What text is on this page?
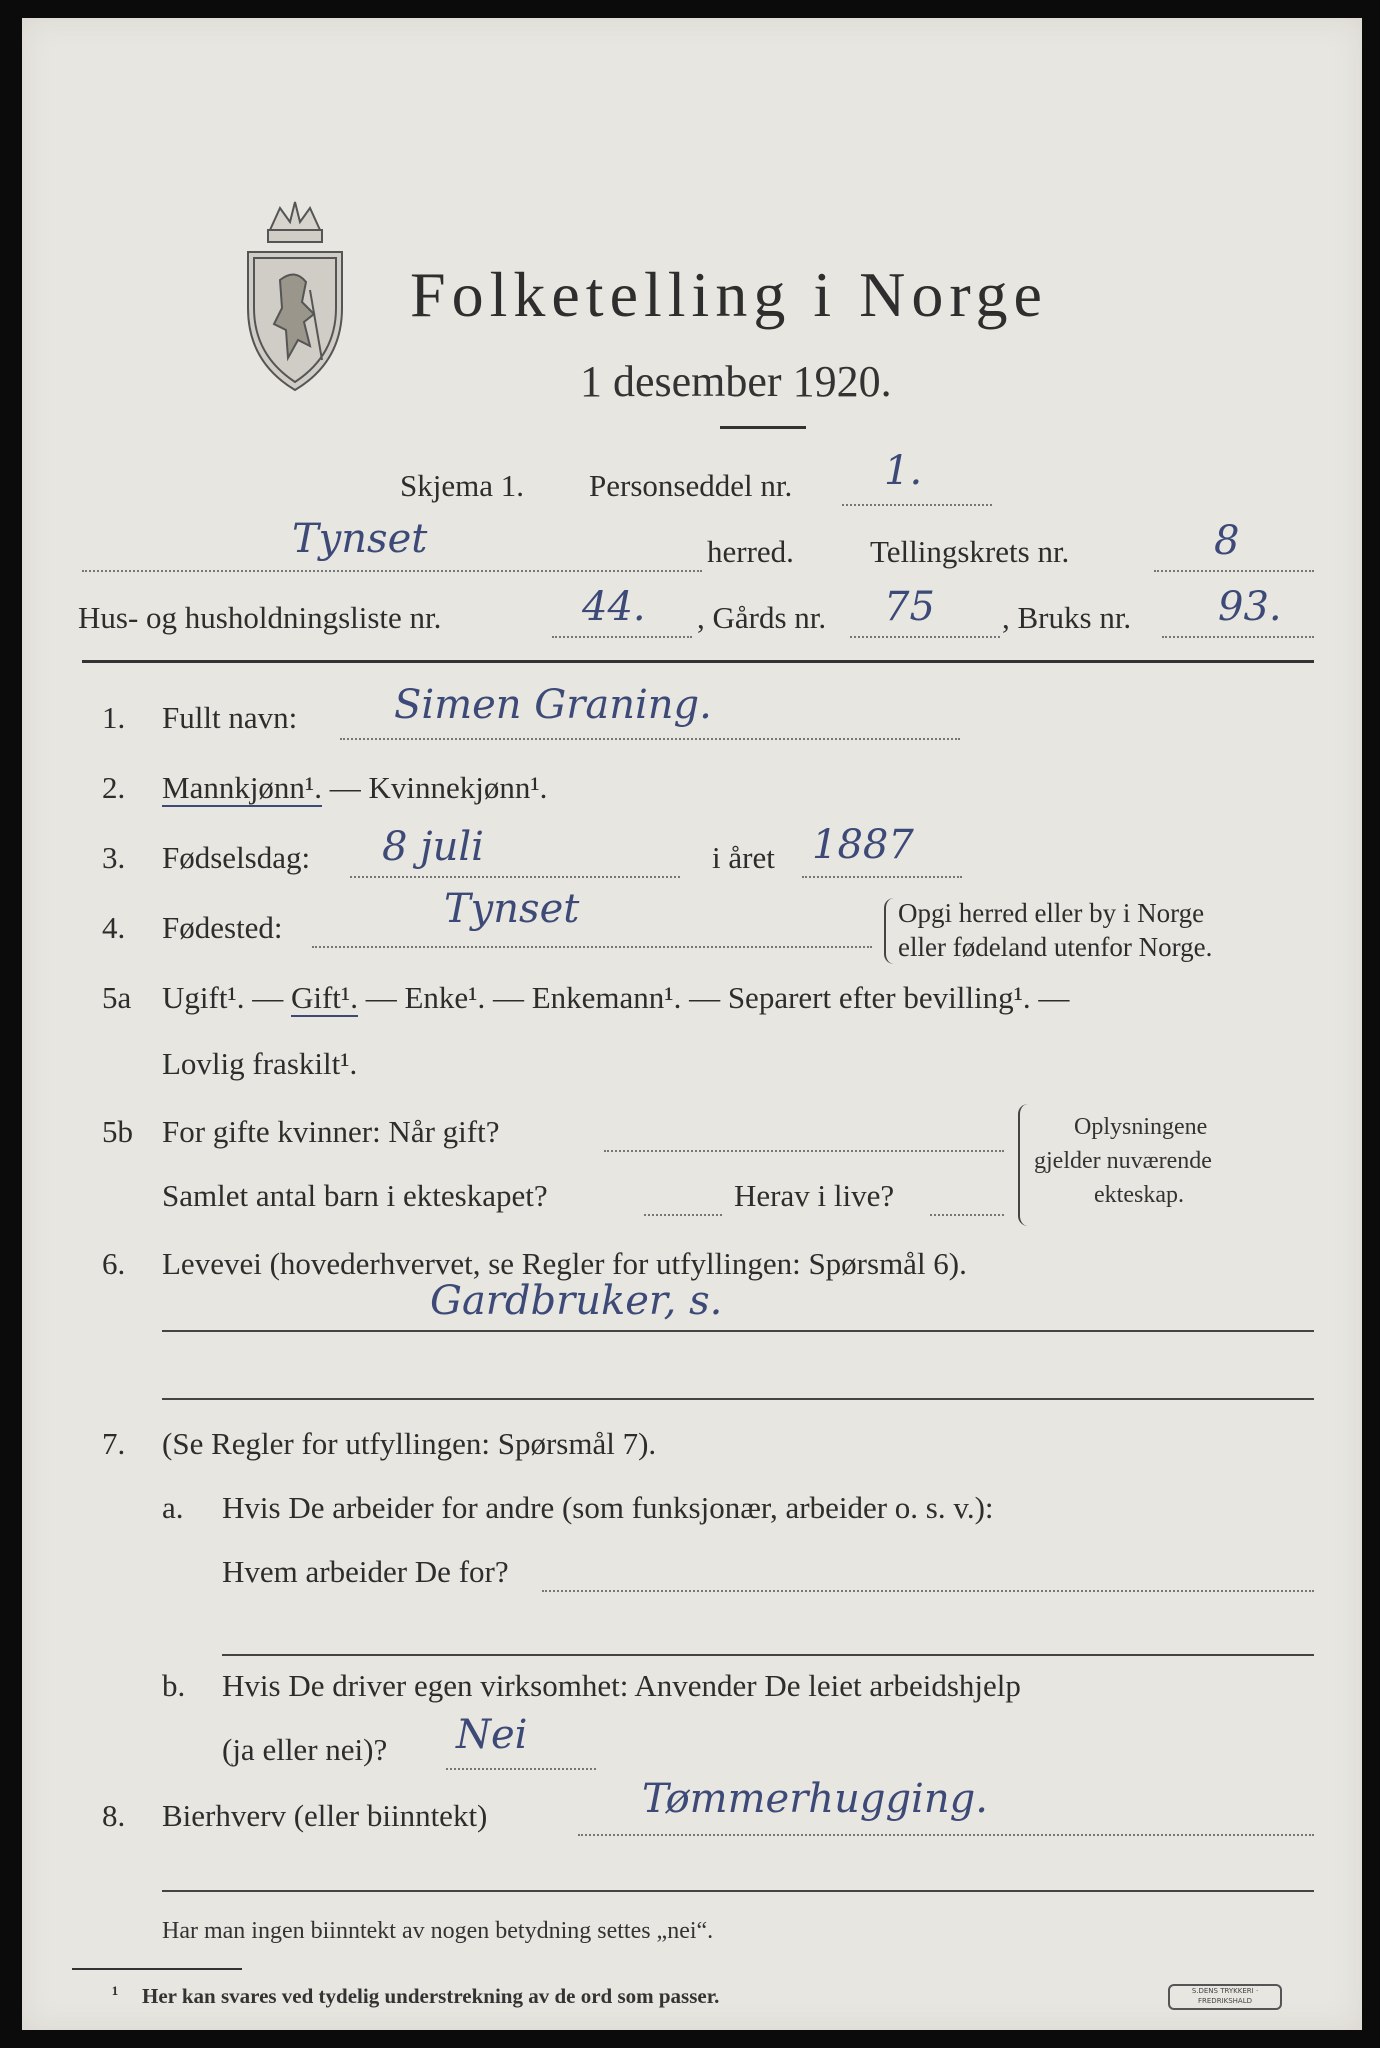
Folketelling i Norge
1 desember 1920.
Skjema 1. Personseddel nr. 1.
Tynset	herred. Tellingskrets nr.	8
Hus- og husholdningsliste nr.	44. , Gårds nr. 75 , Bruks nr. 93.
1. Fullt navn: Simen Graning.
2. Mannkjønn¹. — Kvinnekjønn¹.
3. Fødselsdag: 8 juli	i året 1887
4. Fødested:	Tynset	Opgi herred eller by i Norge
eller fødeland utenfor Norge.
5a Ugift¹. — Gift¹. — Enke¹. — Enkemann¹. — Separert efter bevilling¹. —
Lovlig fraskilt¹.
5b For gifte kvinner: Når gift?
Samlet antal barn i ekteskapet?	Herav i live?
Oplysningene
gjelder nuværende
ekteskap.
6. Levevei (hovederhvervet, se Regler for utfyllingen: Spørsmål 6).
Gardbruker, s.
7. (Se Regler for utfyllingen: Spørsmål 7).
a. Hvis De arbeider for andre (som funksjonær, arbeider o. s. v.):
Hvem arbeider De for?
b. Hvis De driver egen virksomhet: Anvender De leiet arbeidshjelp
(ja eller nei)? Nei
8. Bierhverv (eller biinntekt)	Tømmerhugging.
Har man ingen biinntekt av nogen betydning settes „nei“.
¹ Her kan svares ved tydelig understrekning av de ord som passer.	S.DENS TRYKKERI · FREDRIKSHALD
